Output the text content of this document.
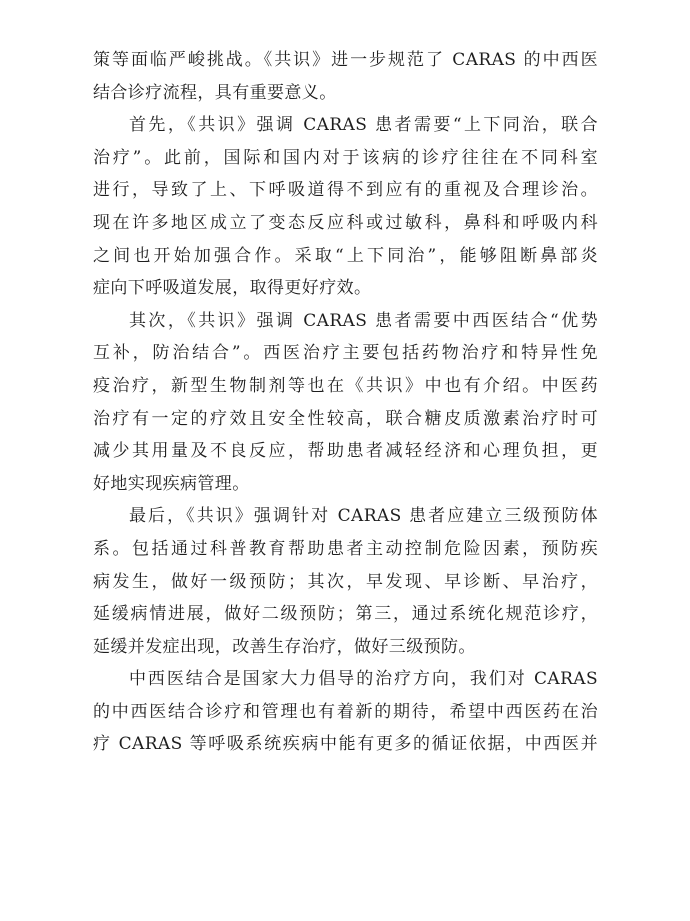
策等面临严峻挑战。《共识》进一步规范了 CARAS 的中西医
结合诊疗流程，具有重要意义。
首先，《共识》强调 CARAS 患者需要“上下同治，联合
治疗”。此前，国际和国内对于该病的诊疗往往在不同科室
进行，导致了上、下呼吸道得不到应有的重视及合理诊治。
现在许多地区成立了变态反应科或过敏科，鼻科和呼吸内科
之间也开始加强合作。采取“上下同治”，能够阻断鼻部炎
症向下呼吸道发展，取得更好疗效。
其次，《共识》强调 CARAS 患者需要中西医结合“优势
互补，防治结合”。西医治疗主要包括药物治疗和特异性免
疫治疗，新型生物制剂等也在《共识》中也有介绍。中医药
治疗有一定的疗效且安全性较高，联合糖皮质激素治疗时可
减少其用量及不良反应，帮助患者减轻经济和心理负担，更
好地实现疾病管理。
最后，《共识》强调针对 CARAS 患者应建立三级预防体
系。包括通过科普教育帮助患者主动控制危险因素，预防疾
病发生，做好一级预防；其次，早发现、早诊断、早治疗，
延缓病情进展，做好二级预防；第三，通过系统化规范诊疗，
延缓并发症出现，改善生存治疗，做好三级预防。
中西医结合是国家大力倡导的治疗方向，我们对 CARAS
的中西医结合诊疗和管理也有着新的期待，希望中西医药在治
疗 CARAS 等呼吸系统疾病中能有更多的循证依据，中西医并
